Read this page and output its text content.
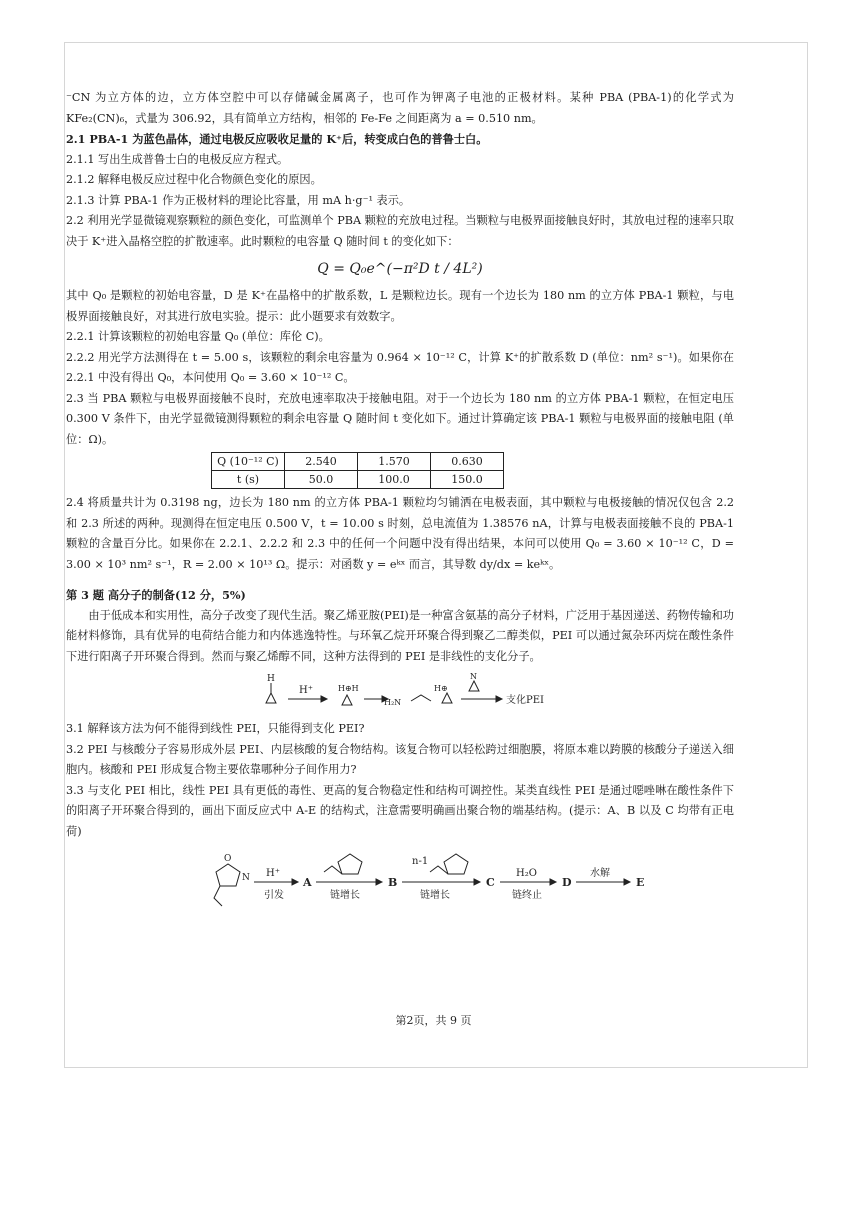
⁻CN 为立方体的边，立方体空腔中可以存储碱金属离子，也可作为钾离子电池的正极材料。某种 PBA (PBA-1)的化学式为 KFe₂(CN)₆，式量为 306.92，具有简单立方结构，相邻的 Fe-Fe 之间距离为 a = 0.510 nm。

2.1 PBA-1 为蓝色晶体，通过电极反应吸收足量的 K⁺后，转变成白色的普鲁士白。

2.1.1 写出生成普鲁士白的电极反应方程式。

2.1.2 解释电极反应过程中化合物颜色变化的原因。

2.1.3 计算 PBA-1 作为正极材料的理论比容量，用 mA h·g⁻¹ 表示。

2.2 利用光学显微镜观察颗粒的颜色变化，可监测单个 PBA 颗粒的充放电过程。当颗粒与电极界面接触良好时，其放电过程的速率只取决于 K⁺进入晶格空腔的扩散速率。此时颗粒的电容量 Q 随时间 t 的变化如下：

Q = Q₀e^(−π²D t / 4L²)

其中 Q₀ 是颗粒的初始电容量，D 是 K⁺在晶格中的扩散系数，L 是颗粒边长。现有一个边长为 180 nm 的立方体 PBA-1 颗粒，与电极界面接触良好，对其进行放电实验。提示：此小题要求有效数字。

2.2.1 计算该颗粒的初始电容量 Q₀ (单位：库伦 C)。

2.2.2 用光学方法测得在 t = 5.00 s，该颗粒的剩余电容量为 0.964 × 10⁻¹² C，计算 K⁺的扩散系数 D (单位：nm² s⁻¹)。如果你在 2.2.1 中没有得出 Q₀，本问使用 Q₀ = 3.60 × 10⁻¹² C。

2.3 当 PBA 颗粒与电极界面接触不良时，充放电速率取决于接触电阻。对于一个边长为 180 nm 的立方体 PBA-1 颗粒，在恒定电压 0.300 V 条件下，由光学显微镜测得颗粒的剩余电容量 Q 随时间 t 变化如下。通过计算确定该 PBA-1 颗粒与电极界面的接触电阻 (单位：Ω)。

Q (10⁻¹² C)	2.540	1.570	0.630
t (s)	50.0	100.0	150.0

2.4 将质量共计为 0.3198 ng，边长为 180 nm 的立方体 PBA-1 颗粒均匀铺洒在电极表面，其中颗粒与电极接触的情况仅包含 2.2 和 2.3 所述的两种。现测得在恒定电压 0.500 V，t = 10.00 s 时刻，总电流值为 1.38576 nA，计算与电极表面接触不良的 PBA-1 颗粒的含量百分比。如果你在 2.2.1、2.2.2 和 2.3 中的任何一个问题中没有得出结果，本问可以使用 Q₀ = 3.60 × 10⁻¹² C，D = 3.00 × 10³ nm² s⁻¹，R = 2.00 × 10¹³ Ω。提示：对函数 y = eᵏˣ 而言，其导数 dy/dx = keᵏˣ。

第 3 题 高分子的制备(12 分，5%)

由于低成本和实用性，高分子改变了现代生活。聚乙烯亚胺(PEI)是一种富含氨基的高分子材料，广泛用于基因递送、药物传输和功能材料修饰，具有优异的电荷结合能力和内体逃逸特性。与环氧乙烷开环聚合得到聚乙二醇类似，PEI 可以通过氮杂环丙烷在酸性条件下进行阳离子开环聚合得到。然而与聚乙烯醇不同，这种方法得到的 PEI 是非线性的支化分子。

H
H⁺	H⊕H
H₂N
H⊕
N
支化PEI

3.1 解释该方法为何不能得到线性 PEI，只能得到支化 PEI?

3.2 PEI 与核酸分子容易形成外层 PEI、内层核酸的复合物结构。该复合物可以轻松跨过细胞膜，将原本难以跨膜的核酸分子递送入细胞内。核酸和 PEI 形成复合物主要依靠哪种分子间作用力?

3.3 与支化 PEI 相比，线性 PEI 具有更低的毒性、更高的复合物稳定性和结构可调控性。某类直线性 PEI 是通过噁唑啉在酸性条件下的阳离子开环聚合得到的，画出下面反应式中 A-E 的结构式，注意需要明确画出聚合物的端基结构。(提示：A、B 以及 C 均带有正电荷)

O
N H⁺
引发
A
链增长
B
n-1
链增长
C
H₂O
链终止
D
水解
E
第2页，共 9 页
